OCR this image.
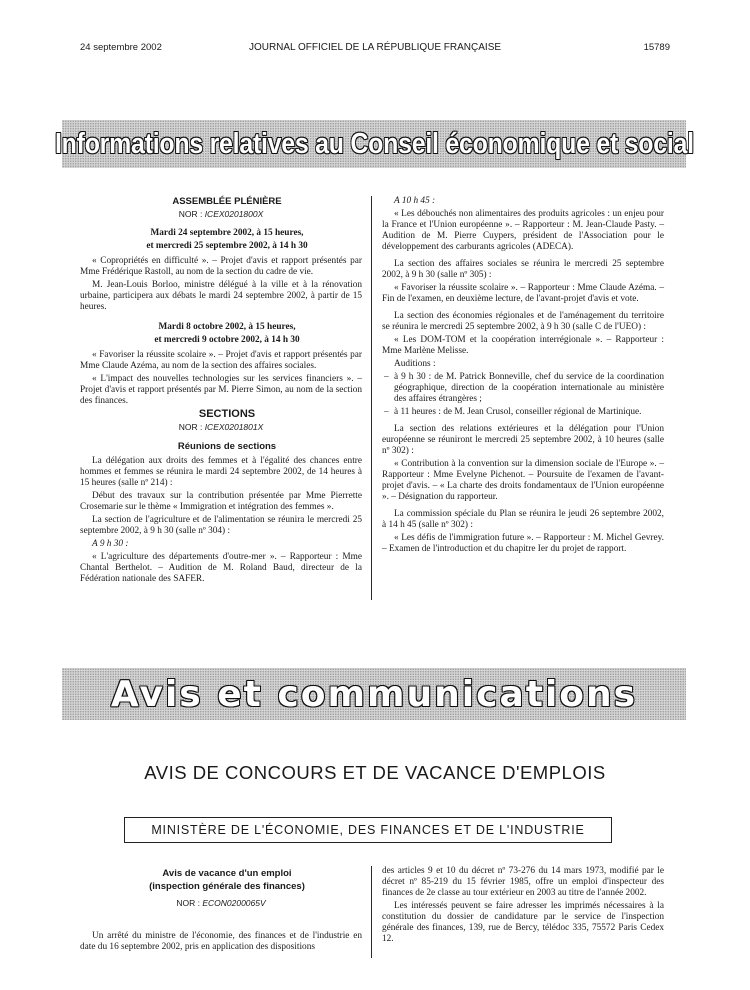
24 septembre 2002	JOURNAL OFFICIEL DE LA RÉPUBLIQUE FRANÇAISE	15789
Informations relatives au Conseil économique et social

ASSEMBLÉE PLÉNIÈRE

NOR : ICEX0201800X

Mardi 24 septembre 2002, à 15 heures,

et mercredi 25 septembre 2002, à 14 h 30

« Copropriétés en difficulté ». – Projet d'avis et rapport présentés par Mme Frédérique Rastoll, au nom de la section du cadre de vie.

M. Jean-Louis Borloo, ministre délégué à la ville et à la rénovation urbaine, participera aux débats le mardi 24 septembre 2002, à partir de 15 heures.

Mardi 8 octobre 2002, à 15 heures,

et mercredi 9 octobre 2002, à 14 h 30

« Favoriser la réussite scolaire ». – Projet d'avis et rapport présentés par Mme Claude Azéma, au nom de la section des affaires sociales.

« L'impact des nouvelles technologies sur les services financiers ». – Projet d'avis et rapport présentés par M. Pierre Simon, au nom de la section des finances.

SECTIONS

NOR : ICEX0201801X

Réunions de sections

La délégation aux droits des femmes et à l'égalité des chances entre hommes et femmes se réunira le mardi 24 septembre 2002, de 14 heures à 15 heures (salle nº 214) :

Début des travaux sur la contribution présentée par Mme Pierrette Crosemarie sur le thème « Immigration et intégration des femmes ».

La section de l'agriculture et de l'alimentation se réunira le mercredi 25 septembre 2002, à 9 h 30 (salle nº 304) :

A 9 h 30 :

« L'agriculture des départements d'outre-mer ». – Rapporteur : Mme Chantal Berthelot. – Audition de M. Roland Baud, directeur de la Fédération nationale des SAFER.

A 10 h 45 :

« Les débouchés non alimentaires des produits agricoles : un enjeu pour la France et l'Union européenne ». – Rapporteur : M. Jean-Claude Pasty. – Audition de M. Pierre Cuypers, président de l'Association pour le développement des carburants agricoles (ADECA).

La section des affaires sociales se réunira le mercredi 25 septembre 2002, à 9 h 30 (salle nº 305) :

« Favoriser la réussite scolaire ». – Rapporteur : Mme Claude Azéma. – Fin de l'examen, en deuxième lecture, de l'avant-projet d'avis et vote.

La section des économies régionales et de l'aménagement du territoire se réunira le mercredi 25 septembre 2002, à 9 h 30 (salle C de l'UEO) :

« Les DOM-TOM et la coopération interrégionale ». – Rapporteur : Mme Marlène Melisse.

Auditions :

– à 9 h 30 : de M. Patrick Bonneville, chef du service de la coordination géographique, direction de la coopération internationale au ministère des affaires étrangères ;

– à 11 heures : de M. Jean Crusol, conseiller régional de Martinique.

La section des relations extérieures et la délégation pour l'Union européenne se réuniront le mercredi 25 septembre 2002, à 10 heures (salle nº 302) :

« Contribution à la convention sur la dimension sociale de l'Europe ». – Rapporteur : Mme Evelyne Pichenot. – Poursuite de l'examen de l'avant-projet d'avis. – « La charte des droits fondamentaux de l'Union européenne ». – Désignation du rapporteur.

La commission spéciale du Plan se réunira le jeudi 26 septembre 2002, à 14 h 45 (salle nº 302) :

« Les défis de l'immigration future ». – Rapporteur : M. Michel Gevrey. – Examen de l'introduction et du chapitre Ier du projet de rapport.

Avis et communications
AVIS DE CONCOURS ET DE VACANCE D'EMPLOIS
MINISTÈRE DE L'ÉCONOMIE, DES FINANCES ET DE L'INDUSTRIE

Avis de vacance d'un emploi

(inspection générale des finances)

NOR : ECON0200065V

Un arrêté du ministre de l'économie, des finances et de l'industrie en date du 16 septembre 2002, pris en application des dispositions

des articles 9 et 10 du décret nº 73-276 du 14 mars 1973, modifié par le décret nº 85-219 du 15 février 1985, offre un emploi d'inspecteur des finances de 2e classe au tour extérieur en 2003 au titre de l'année 2002.

Les intéressés peuvent se faire adresser les imprimés nécessaires à la constitution du dossier de candidature par le service de l'inspection générale des finances, 139, rue de Bercy, télédoc 335, 75572 Paris Cedex 12.
